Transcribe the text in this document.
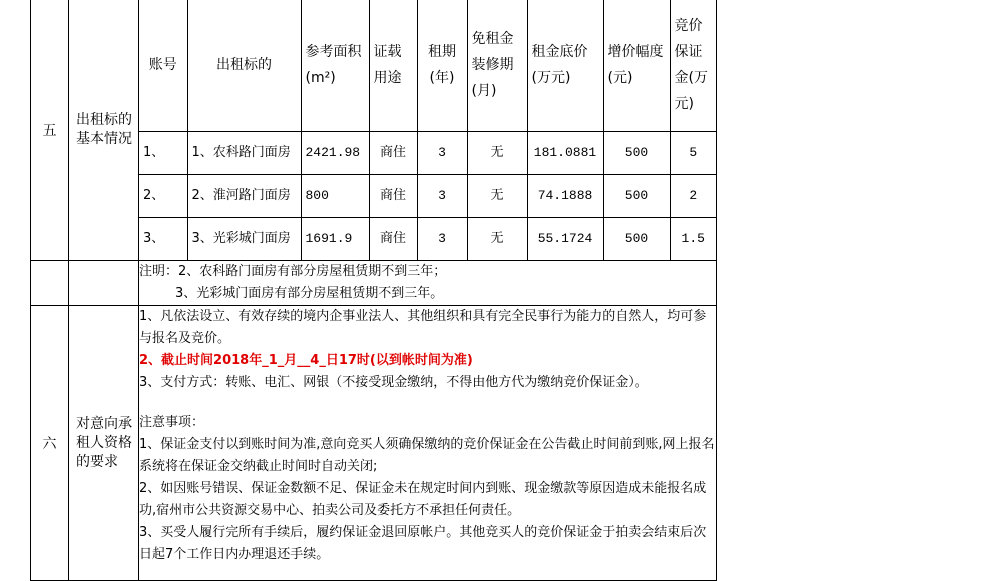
五	出租标的基本情况	
账号	出租标的	参考面积(m²)	证载用途	租期(年)	免租金装修期(月)	租金底价(万元)	增价幅度(元)	竞价保证金(万元)
1、	1、农科路门面房	2421.98	商住	3	无	181.0881	500	5
2、	2、淮河路门面房	800	商住	3	无	74.1888	500	2
3、	3、光彩城门面房	1691.9	商住	3	无	55.1724	500	1.5

注明：2、农科路门面房有部分房屋租赁期不到三年；
3、光彩城门面房有部分房屋租赁期不到三年。

六	对意向承租人资格的要求	

1、凡依法设立、有效存续的境内企事业法人、其他组织和具有完全民事行为能力的自然人，均可参与报名及竞价。

2、截止时间2018年_1_月__4_日17时(以到帐时间为准)

3、支付方式：转账、电汇、网银（不接受现金缴纳，不得由他方代为缴纳竞价保证金）。

注意事项：

1、保证金支付以到账时间为准,意向竞买人须确保缴纳的竞价保证金在公告截止时间前到账,网上报名系统将在保证金交纳截止时间时自动关闭;

2、如因账号错误、保证金数额不足、保证金未在规定时间内到账、现金缴款等原因造成未能报名成功,宿州市公共资源交易中心、拍卖公司及委托方不承担任何责任。

3、买受人履行完所有手续后，履约保证金退回原帐户。其他竞买人的竞价保证金于拍卖会结束后次日起7个工作日内办理退还手续。
